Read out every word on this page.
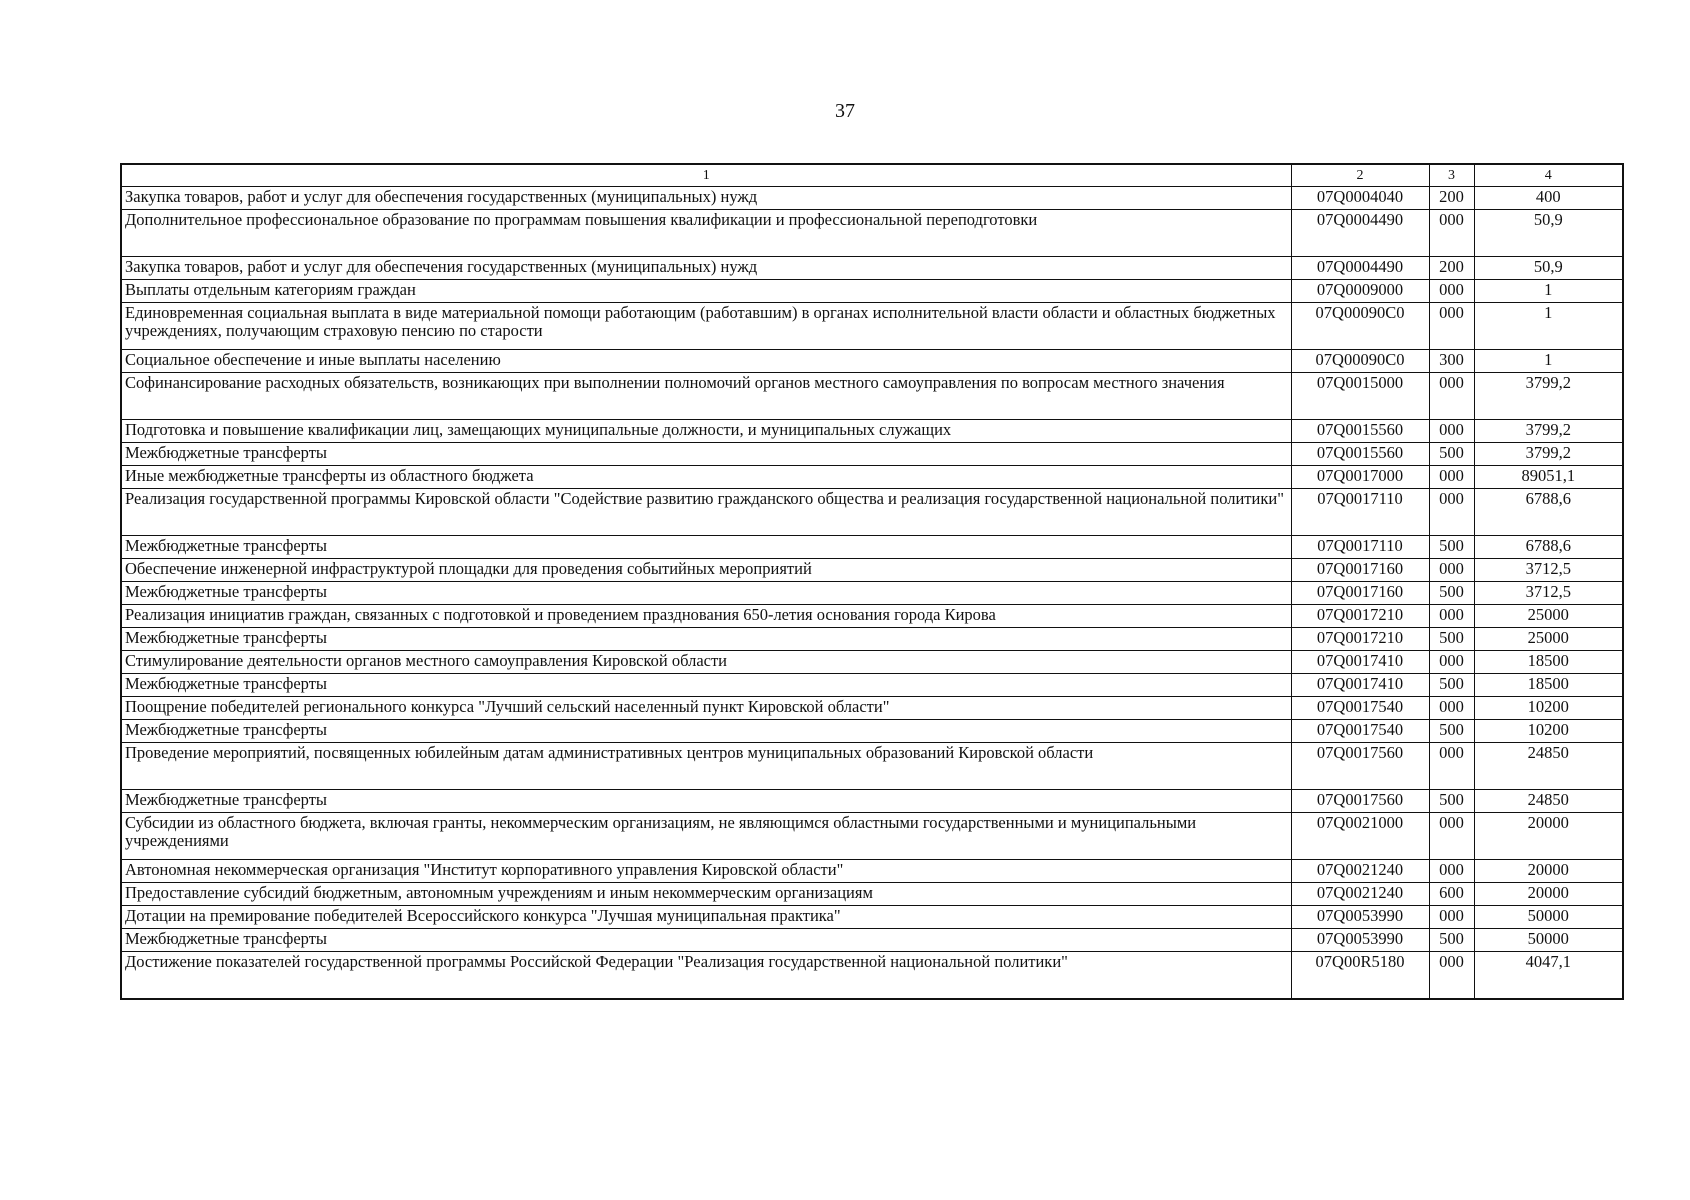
37
1	2	3	4
Закупка товаров, работ и услуг для обеспечения государственных (муниципальных) нужд	07Q0004040	200	400
Дополнительное профессиональное образование по программам повышения квалификации и профессиональной переподготовки	07Q0004490	000	50,9
Закупка товаров, работ и услуг для обеспечения государственных (муниципальных) нужд	07Q0004490	200	50,9
Выплаты отдельным категориям граждан	07Q0009000	000	1
Единовременная социальная выплата в виде материальной помощи работающим (работавшим) в органах исполнительной власти области и областных бюджетных учреждениях, получающим страховую пенсию по старости	07Q00090C0	000	1
Социальное обеспечение и иные выплаты населению	07Q00090C0	300	1
Софинансирование расходных обязательств, возникающих при выполнении полномочий органов местного самоуправления по вопросам местного значения	07Q0015000	000	3799,2
Подготовка и повышение квалификации лиц, замещающих муниципальные должности, и муниципальных служащих	07Q0015560	000	3799,2
Межбюджетные трансферты	07Q0015560	500	3799,2
Иные межбюджетные трансферты из областного бюджета	07Q0017000	000	89051,1
Реализация государственной программы Кировской области "Содействие развитию гражданского общества и реализация государственной национальной политики"	07Q0017110	000	6788,6
Межбюджетные трансферты	07Q0017110	500	6788,6
Обеспечение инженерной инфраструктурой площадки для проведения событийных мероприятий	07Q0017160	000	3712,5
Межбюджетные трансферты	07Q0017160	500	3712,5
Реализация инициатив граждан, связанных с подготовкой и проведением празднования 650-летия основания города Кирова	07Q0017210	000	25000
Межбюджетные трансферты	07Q0017210	500	25000
Стимулирование деятельности органов местного самоуправления Кировской области	07Q0017410	000	18500
Межбюджетные трансферты	07Q0017410	500	18500
Поощрение победителей регионального конкурса "Лучший сельский населенный пункт Кировской области"	07Q0017540	000	10200
Межбюджетные трансферты	07Q0017540	500	10200
Проведение мероприятий, посвященных юбилейным датам административных центров муниципальных образований Кировской области	07Q0017560	000	24850
Межбюджетные трансферты	07Q0017560	500	24850
Субсидии из областного бюджета, включая гранты, некоммерческим организациям, не являющимся областными государственными и муниципальными учреждениями	07Q0021000	000	20000
Автономная некоммерческая организация "Институт корпоративного управления Кировской области"	07Q0021240	000	20000
Предоставление субсидий бюджетным, автономным учреждениям и иным некоммерческим организациям	07Q0021240	600	20000
Дотации на премирование победителей Всероссийского конкурса "Лучшая муниципальная практика"	07Q0053990	000	50000
Межбюджетные трансферты	07Q0053990	500	50000
Достижение показателей государственной программы Российской Федерации "Реализация государственной национальной политики"	07Q00R5180	000	4047,1
